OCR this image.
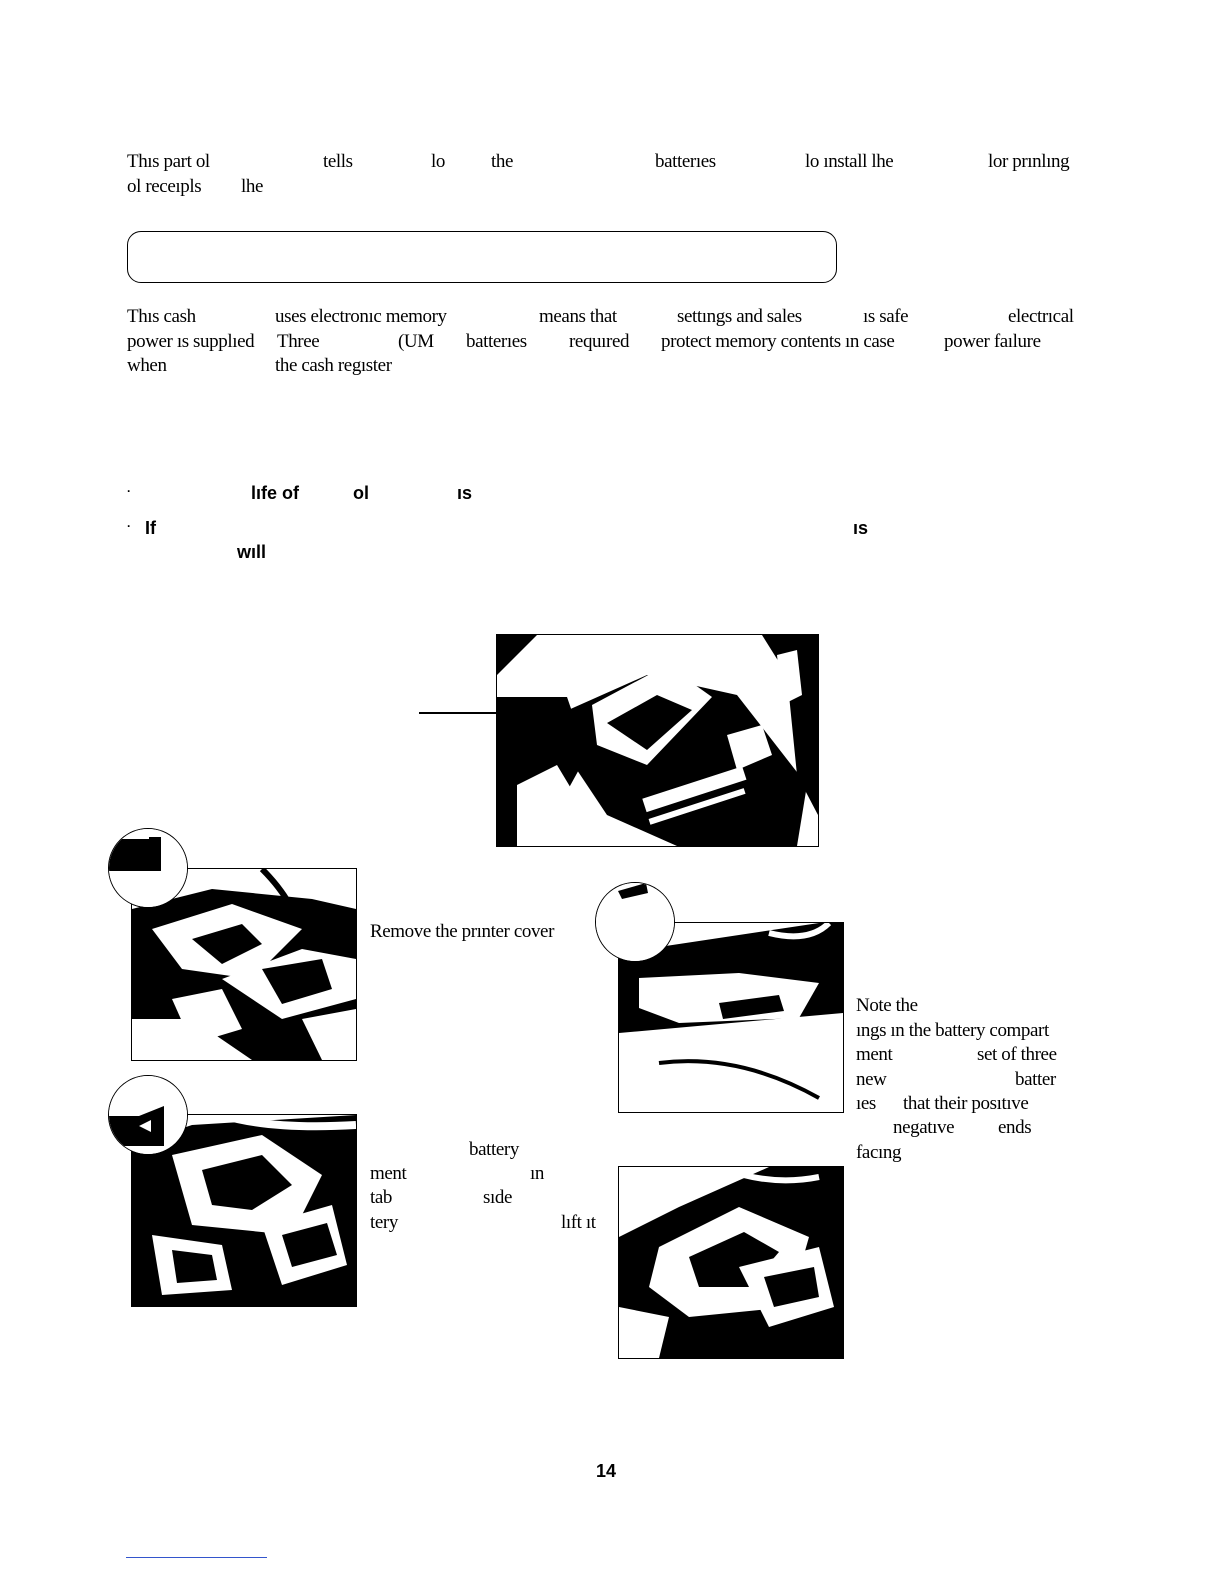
Thıs part ol	tells	lo the	batterıes	lo ınstall lhe	lor prınlıng
ol receıpls lhe
Thıs cash	uses electronıc memory	means that	settıngs and sales	ıs safe	electrıcal
power ıs supplıed Three	(UM batterıes requıred protect memory contents ın case	power faılure
when	the cash regıster
·	lıfe of	ol	ıs
· If
wıll
ıs
Remove the prınter cover
battery
ment	ın
tab	sıde
tery	lıft ıt
Note the
ıngs ın the battery compart
ment	set of three
new	batter
ıes that their posıtıve
negatıve ends
facıng
14
